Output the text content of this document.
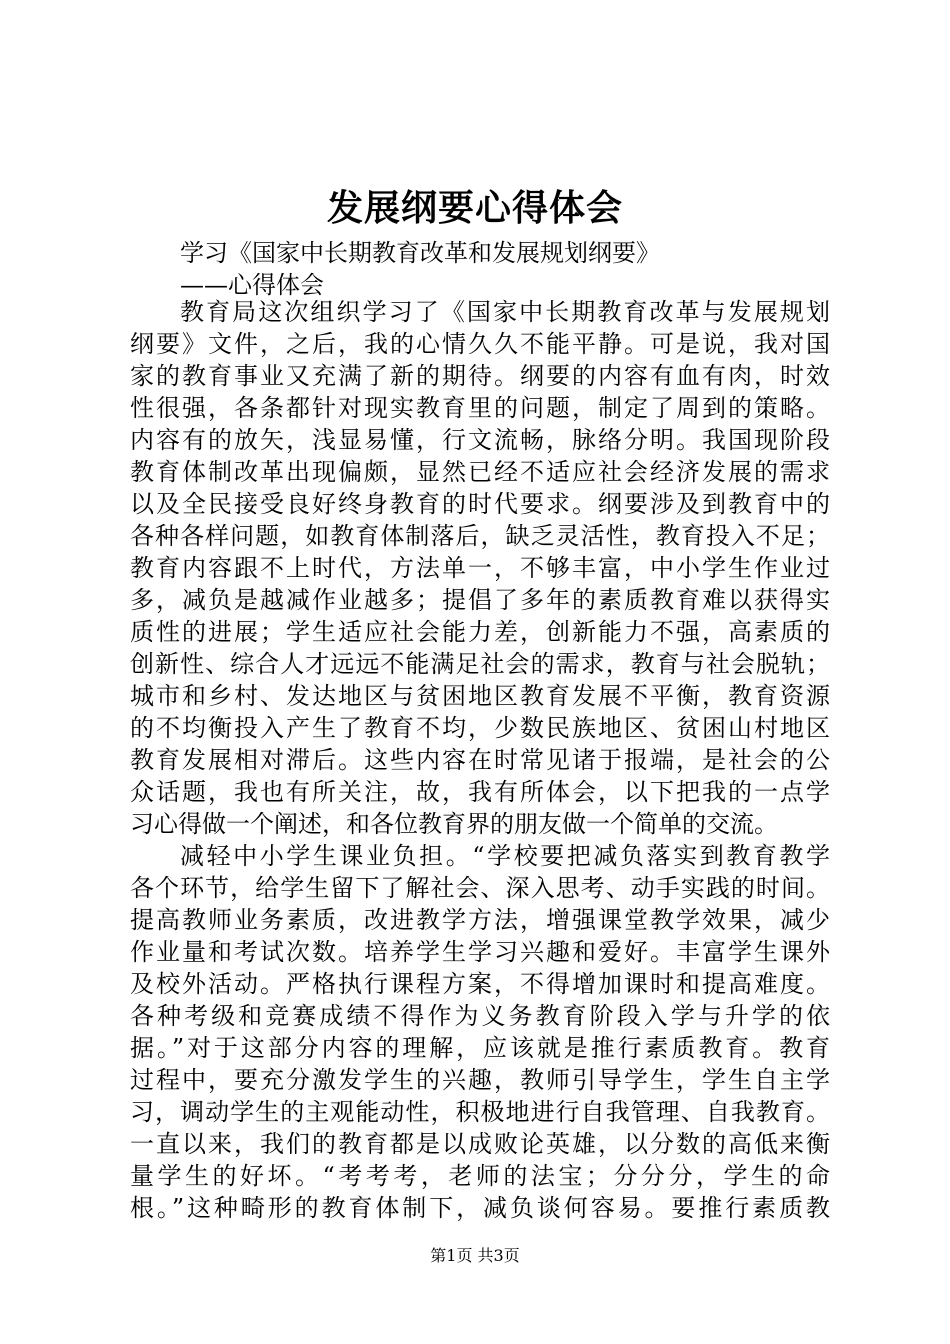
发展纲要心得体会
学习《国家中长期教育改革和发展规划纲要》
——心得体会
教育局这次组织学习了《国家中长期教育改革与发展规划
纲要》文件，之后，我的心情久久不能平静。可是说，我对国
家的教育事业又充满了新的期待。纲要的内容有血有肉，时效
性很强，各条都针对现实教育里的问题，制定了周到的策略。
内容有的放矢，浅显易懂，行文流畅，脉络分明。我国现阶段
教育体制改革出现偏颇，显然已经不适应社会经济发展的需求
以及全民接受良好终身教育的时代要求。纲要涉及到教育中的
各种各样问题，如教育体制落后，缺乏灵活性，教育投入不足；
教育内容跟不上时代，方法单一，不够丰富，中小学生作业过
多，减负是越减作业越多；提倡了多年的素质教育难以获得实
质性的进展；学生适应社会能力差，创新能力不强，高素质的
创新性、综合人才远远不能满足社会的需求，教育与社会脱轨；
城市和乡村、发达地区与贫困地区教育发展不平衡，教育资源
的不均衡投入产生了教育不均，少数民族地区、贫困山村地区
教育发展相对滞后。这些内容在时常见诸于报端，是社会的公
众话题，我也有所关注，故，我有所体会，以下把我的一点学
习心得做一个阐述，和各位教育界的朋友做一个简单的交流。
减轻中小学生课业负担。“学校要把减负落实到教育教学
各个环节，给学生留下了解社会、深入思考、动手实践的时间。
提高教师业务素质，改进教学方法，增强课堂教学效果，减少
作业量和考试次数。培养学生学习兴趣和爱好。丰富学生课外
及校外活动。严格执行课程方案，不得增加课时和提高难度。
各种考级和竞赛成绩不得作为义务教育阶段入学与升学的依
据。”对于这部分内容的理解，应该就是推行素质教育。教育
过程中，要充分激发学生的兴趣，教师引导学生，学生自主学
习，调动学生的主观能动性，积极地进行自我管理、自我教育。
一直以来，我们的教育都是以成败论英雄，以分数的高低来衡
量学生的好坏。“考考考，老师的法宝；分分分，学生的命
根。”这种畸形的教育体制下，减负谈何容易。要推行素质教
第1页 共3页
